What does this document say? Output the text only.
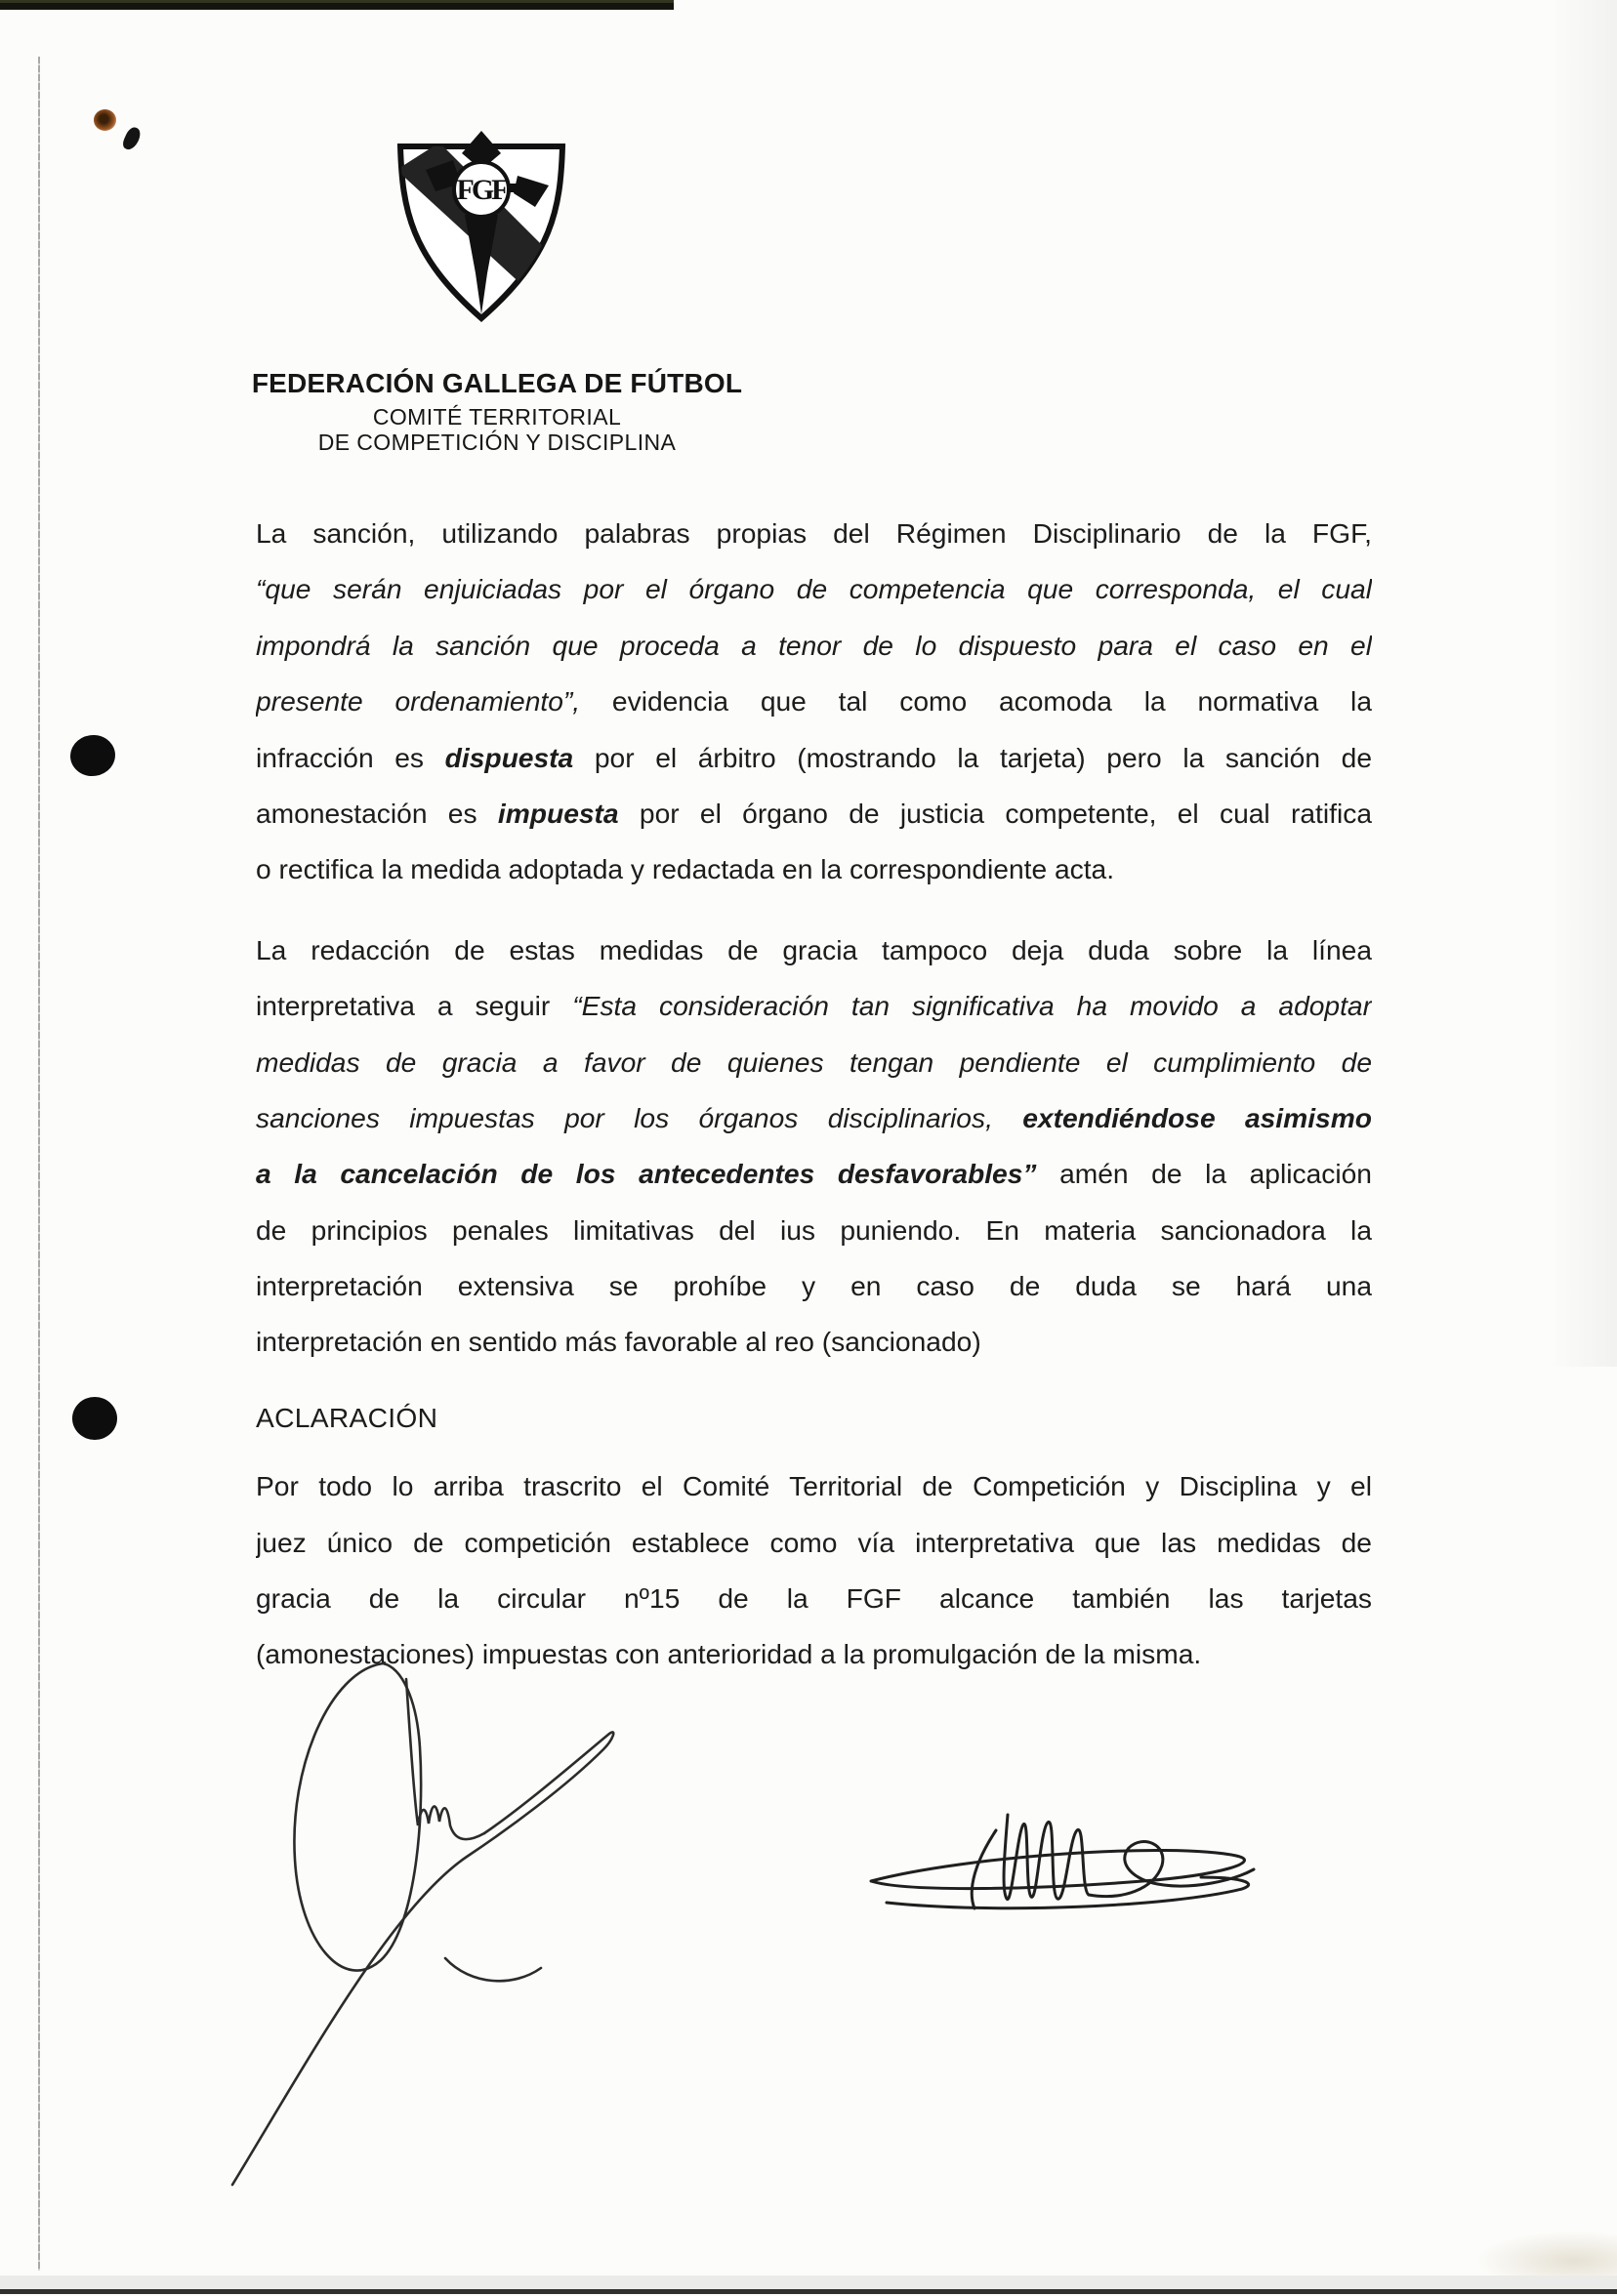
FGF
FEDERACIÓN GALLEGA DE FÚTBOL
COMITÉ TERRITORIAL
DE COMPETICIÓN Y DISCIPLINA
La sanción, utilizando palabras propias del Régimen Disciplinario de la FGF,
“que serán enjuiciadas por el órgano de competencia que corresponda, el cual
impondrá la sanción que proceda a tenor de lo dispuesto para el caso en el
presente ordenamiento”, evidencia que tal como acomoda la normativa la
infracción es dispuesta por el árbitro (mostrando la tarjeta) pero la sanción de
amonestación es impuesta por el órgano de justicia competente, el cual ratifica
o rectifica la medida adoptada y redactada en la correspondiente acta.
La redacción de estas medidas de gracia tampoco deja duda sobre la línea
interpretativa a seguir “Esta consideración tan significativa ha movido a adoptar
medidas de gracia a favor de quienes tengan pendiente el cumplimiento de
sanciones impuestas por los órganos disciplinarios, extendiéndose asimismo
a la cancelación de los antecedentes desfavorables” amén de la aplicación
de principios penales limitativas del ius puniendo. En materia sancionadora la
interpretación extensiva se prohíbe y en caso de duda se hará una
interpretación en sentido más favorable al reo (sancionado)
ACLARACIÓN
Por todo lo arriba trascrito el Comité Territorial de Competición y Disciplina y el
juez único de competición establece como vía interpretativa que las medidas de
gracia de la circular nº15 de la FGF alcance también las tarjetas
(amonestaciones) impuestas con anterioridad a la promulgación de la misma.
